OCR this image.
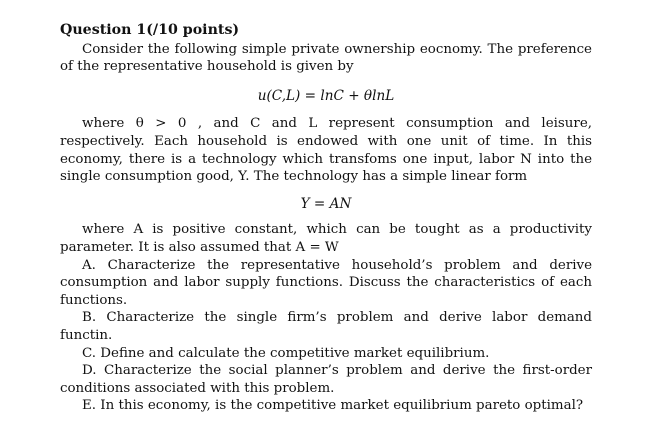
Question 1(/10 points)

Consider the following simple private ownership eocnomy. The preference of the representative household is given by

u(C,L) = lnC + θlnL

where θ > 0 , and C and L represent consumption and leisure, respectively. Each household is endowed with one unit of time. In this economy, there is a technology which transfoms one input, labor N into the single consumption good, Y. The technology has a simple linear form

Y = AN

where A is positive constant, which can be tought as a productivity parameter. It is also assumed that A = W

A. Characterize the representative household’s problem and derive consumption and labor supply functions. Discuss the characteristics of each functions.

B. Characterize the single firm’s problem and derive labor demand functin.

C. Define and calculate the competitive market equilibrium.

D. Characterize the social planner’s problem and derive the first-order conditions associated with this problem.

E. In this economy, is the competitive market equilibrium pareto optimal?
